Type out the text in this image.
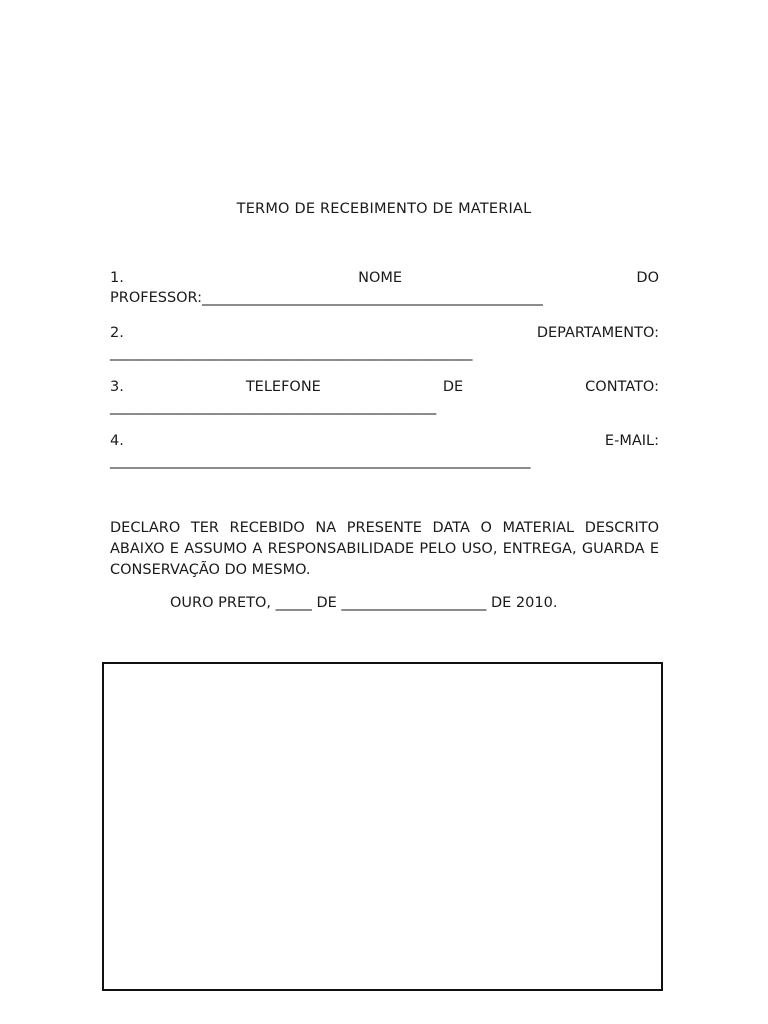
TERMO DE RECEBIMENTO DE MATERIAL
1.	NOME	DO
PROFESSOR:_______________________________________________
2.	DEPARTAMENTO:
__________________________________________________
3.	TELEFONE	DE	CONTATO:
_____________________________________________
4.	E-MAIL:
__________________________________________________________
DECLARO TER RECEBIDO NA PRESENTE DATA O MATERIAL DESCRITO ABAIXO E ASSUMO A RESPONSABILIDADE PELO USO, ENTREGA, GUARDA E CONSERVAÇÃO DO MESMO.
OURO PRETO, _____ DE ____________________ DE 2010.
